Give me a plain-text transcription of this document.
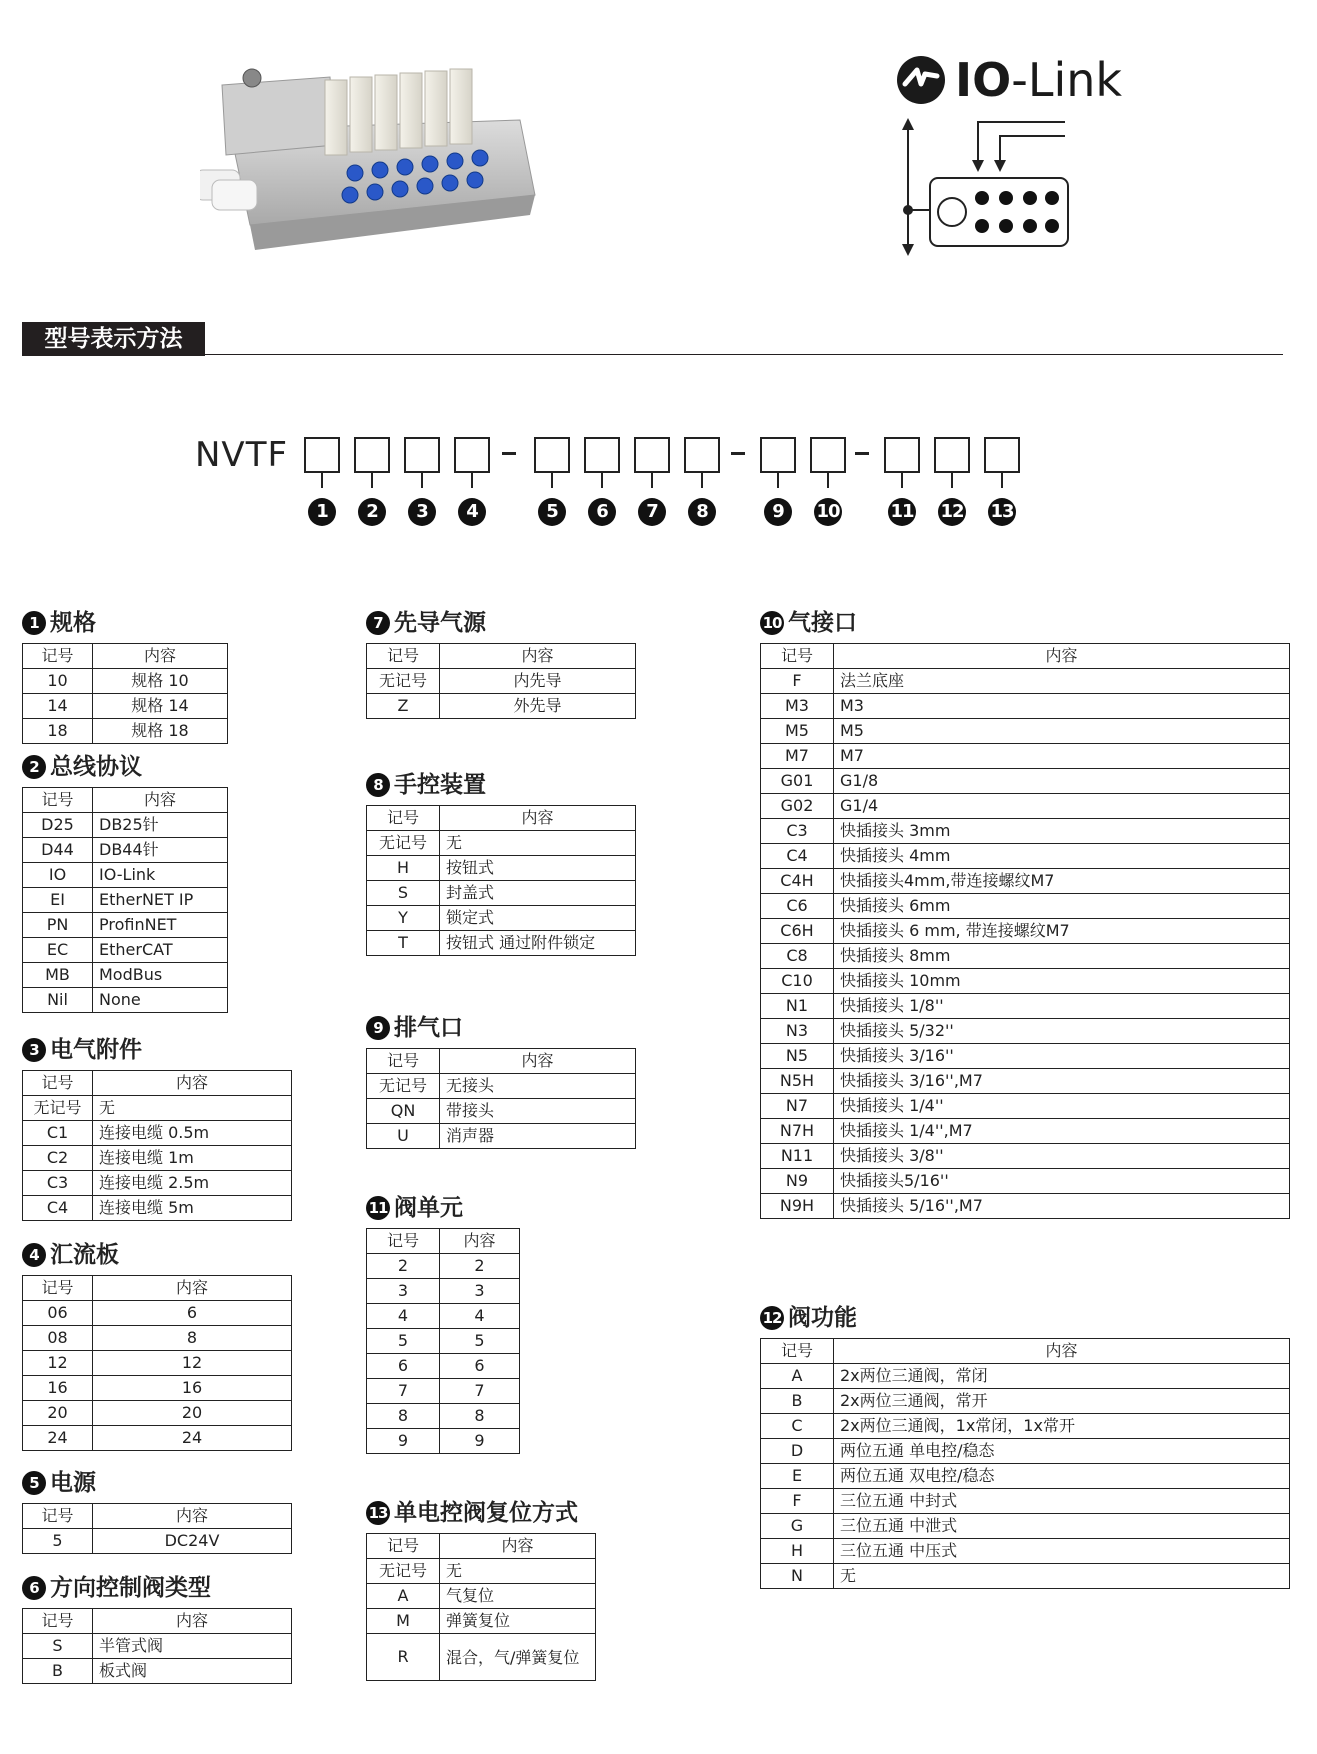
IO-Link
型号表示方法
NVTF
1	2	3	4	5	6	7	8	9	10	11 12 13
1 规格
记号	内容
10	规格 10
14	规格 14
18	规格 18
2 总线协议
记号	内容
D25	DB25针
D44	DB44针
IO	IO-Link
EI	EtherNET IP
PN	ProfinNET
EC	EtherCAT
MB	ModBus
Nil	None
3 电气附件
记号	内容
无记号	无
C1	连接电缆 0.5m
C2	连接电缆 1m
C3	连接电缆 2.5m
C4	连接电缆 5m
4 汇流板
记号	内容
06	6
08	8
12	12
16	16
20	20
24	24
5 电源
记号	内容
5	DC24V
6 方向控制阀类型
记号	内容
S	半管式阀
B	板式阀
7 先导气源
记号	内容
无记号	内先导
Z	外先导
8 手控装置
记号	内容
无记号	无
H	按钮式
S	封盖式
Y	锁定式
T	按钮式 通过附件锁定
9 排气口
记号	内容
无记号	无接头
QN	带接头
U	消声器
11 阀单元
记号	内容
2	2
3	3
4	4
5	5
6	6
7	7
8	8
9	9
13 单电控阀复位方式
记号	内容
无记号	无
A	气复位
M	弹簧复位
R	混合，气/弹簧复位
10 气接口
记号	内容
F	法兰底座
M3	M3
M5	M5
M7	M7
G01	G1/8
G02	G1/4
C3	快插接头 3mm
C4	快插接头 4mm
C4H	快插接头4mm,带连接螺纹M7
C6	快插接头 6mm
C6H	快插接头 6 mm, 带连接螺纹M7
C8	快插接头 8mm
C10	快插接头 10mm
N1	快插接头 1/8''
N3	快插接头 5/32''
N5	快插接头 3/16''
N5H	快插接头 3/16'',M7
N7	快插接头 1/4''
N7H	快插接头 1/4'',M7
N11	快插接头 3/8''
N9	快插接头5/16''
N9H	快插接头 5/16'',M7
12 阀功能
记号	内容
A	2x两位三通阀，常闭
B	2x两位三通阀，常开
C	2x两位三通阀，1x常闭，1x常开
D	两位五通 单电控/稳态
E	两位五通 双电控/稳态
F	三位五通 中封式
G	三位五通 中泄式
H	三位五通 中压式
N	无
